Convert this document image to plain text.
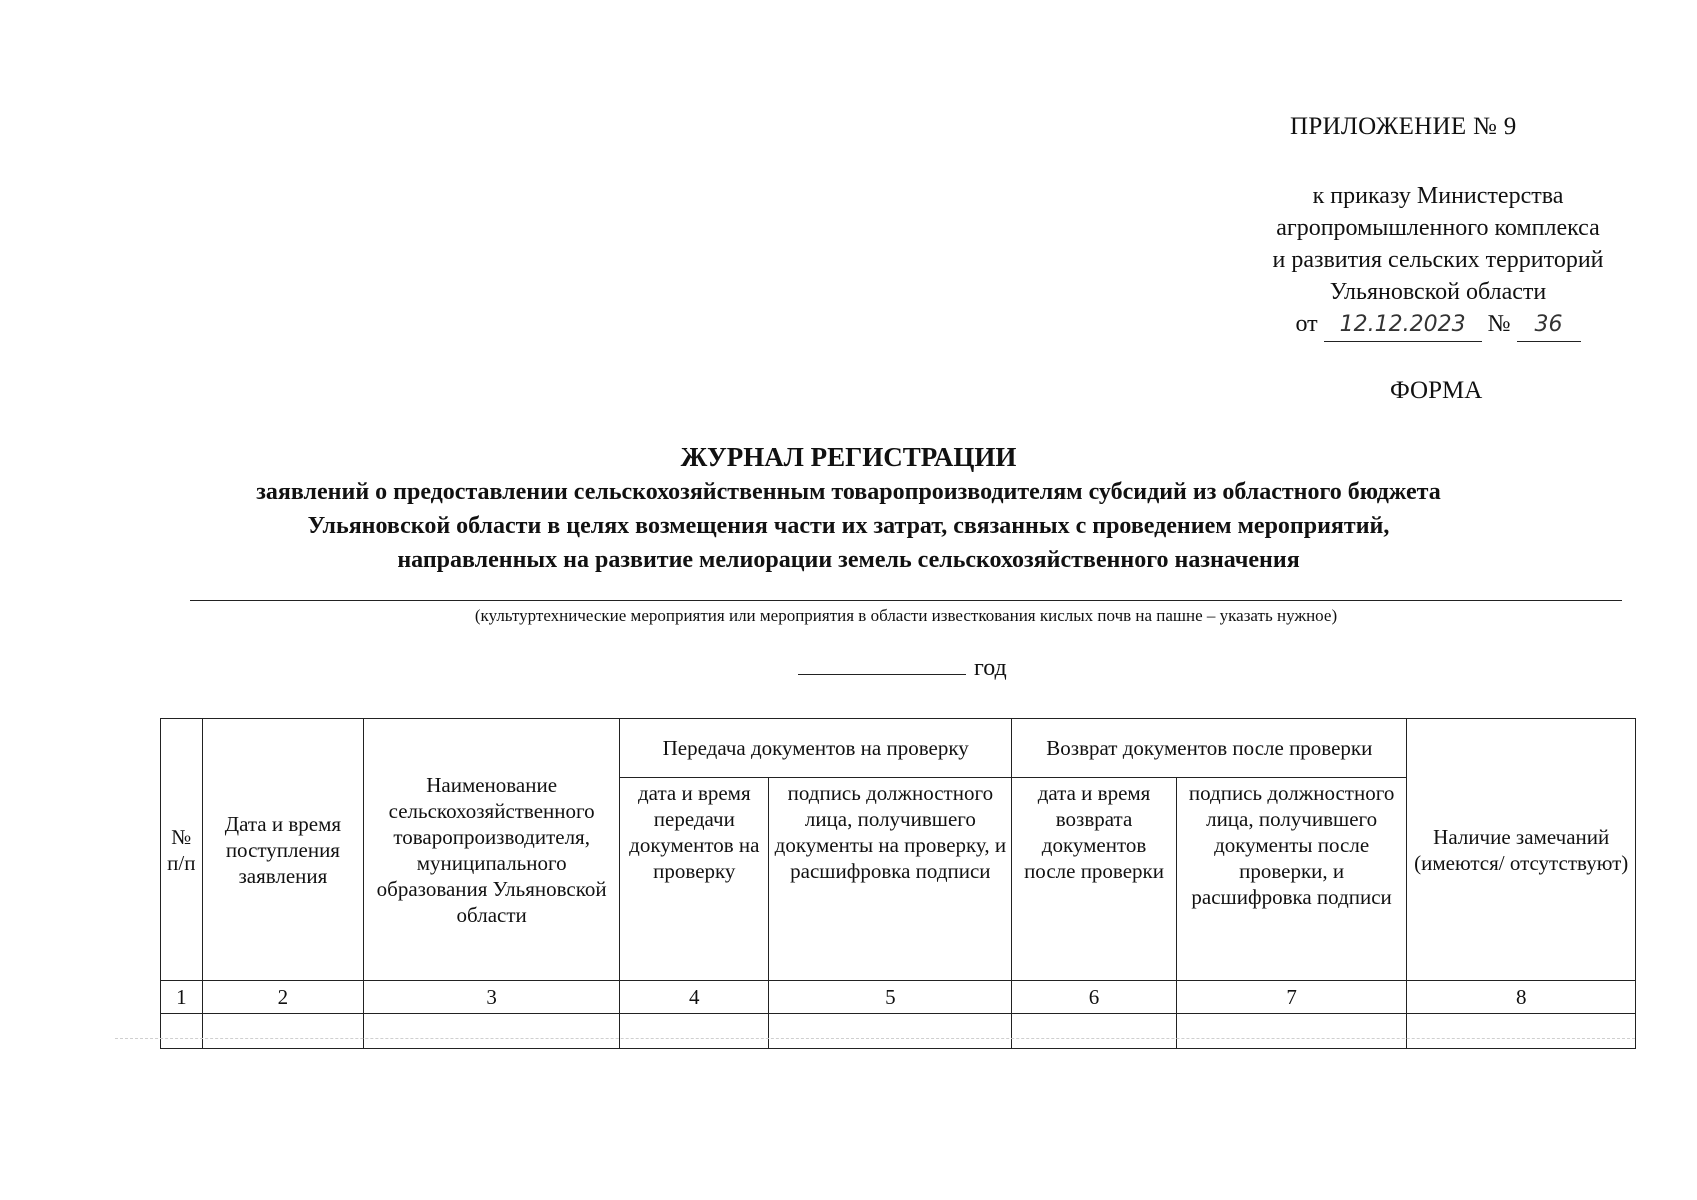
ПРИЛОЖЕНИЕ № 9
к приказу Министерства
агропромышленного комплекса
и развития сельских территорий
Ульяновской области
от 12.12.2023 № 36
ФОРМА
ЖУРНАЛ РЕГИСТРАЦИИ
заявлений о предоставлении сельскохозяйственным товаропроизводителям субсидий из областного бюджета
Ульяновской области в целях возмещения части их затрат, связанных с проведением мероприятий,
направленных на развитие мелиорации земель сельскохозяйственного назначения
(культуртехнические мероприятия или мероприятия в области известкования кислых почв на пашне – указать нужное)
год
№ п/п	Дата и время поступления заявления	Наименование сельскохозяйственного товаропроизводителя, муниципального образования Ульяновской области	Передача документов на проверку		Возврат документов после проверки		Наличие замечаний (имеются/ отсутствуют)
			дата и время передачи документов на проверку	подпись должностного лица, получившего документы на проверку, и расшифровка подписи	дата и время возврата документов после проверки	подпись должностного лица, получившего документы после проверки, и расшифровка подписи	
1	2	3	4	5	6	7	8
